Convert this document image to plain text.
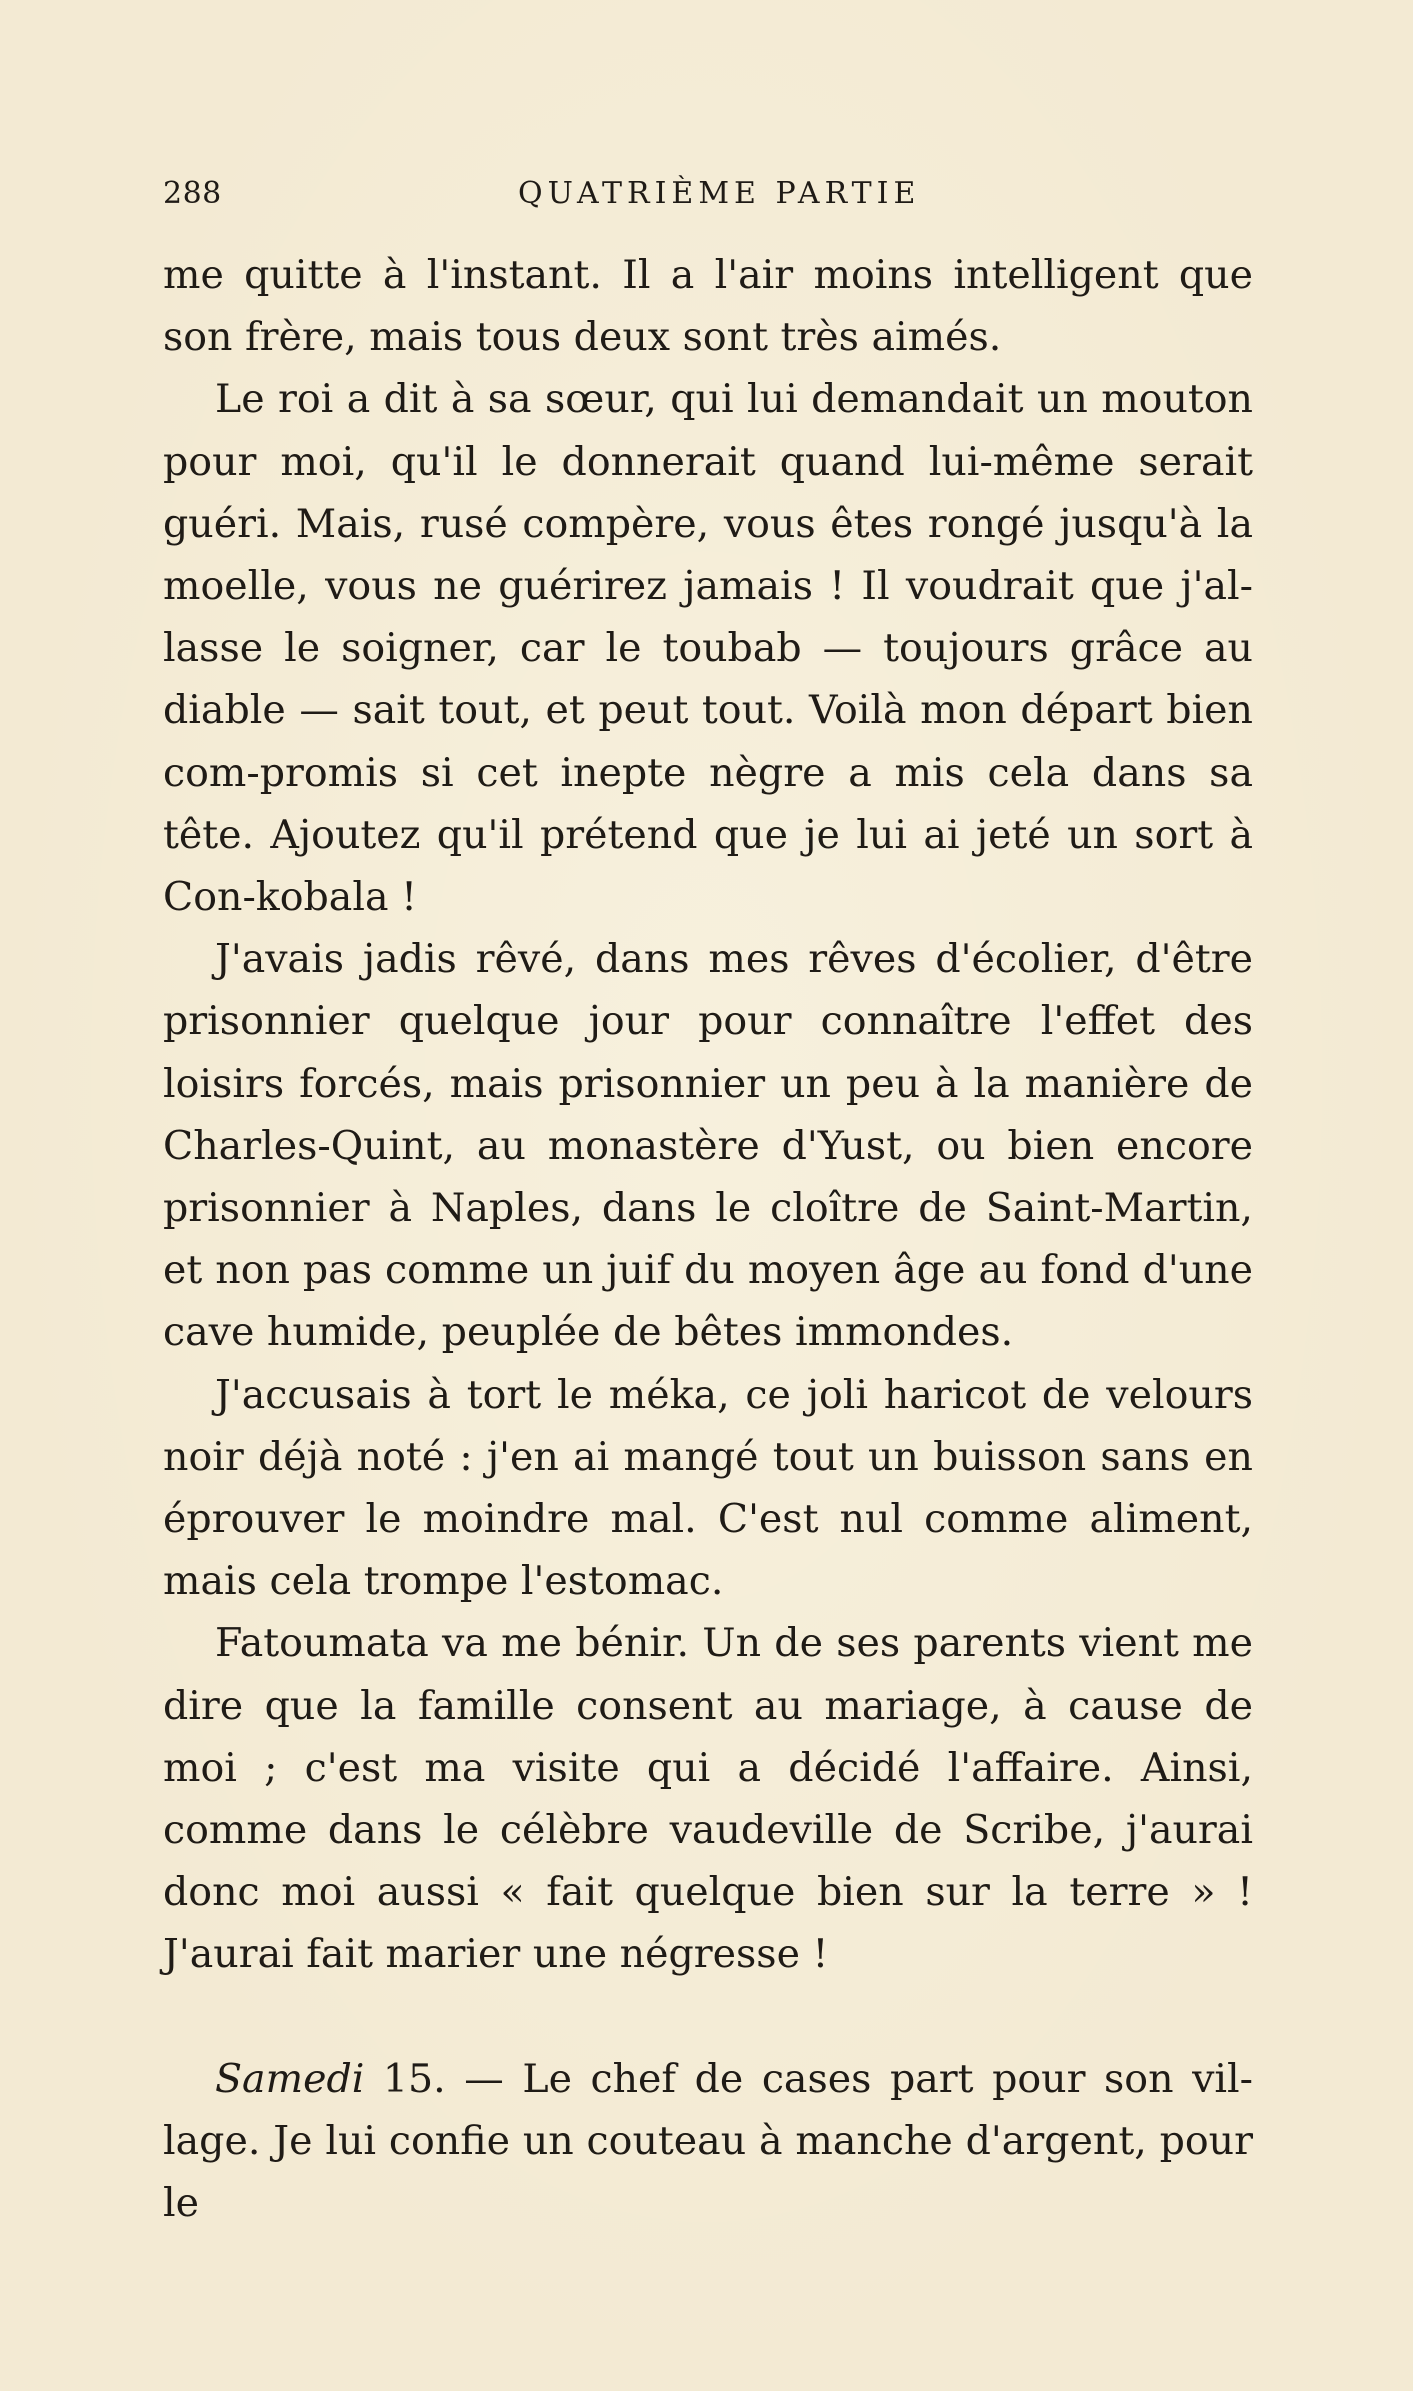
288	QUATRIÈME PARTIE

me quitte à l'instant. Il a l'air moins intelligent que son frère, mais tous deux sont très aimés.

Le roi a dit à sa sœur, qui lui demandait un mouton pour moi, qu'il le donnerait quand lui-même serait guéri. Mais, rusé compère, vous êtes rongé jusqu'à la moelle, vous ne guérirez jamais ! Il voudrait que j'al-lasse le soigner, car le toubab — toujours grâce au diable — sait tout, et peut tout. Voilà mon départ bien com-promis si cet inepte nègre a mis cela dans sa tête. Ajoutez qu'il prétend que je lui ai jeté un sort à Con-kobala !

J'avais jadis rêvé, dans mes rêves d'écolier, d'être prisonnier quelque jour pour connaître l'effet des loisirs forcés, mais prisonnier un peu à la manière de Charles-Quint, au monastère d'Yust, ou bien encore prisonnier à Naples, dans le cloître de Saint-Martin, et non pas comme un juif du moyen âge au fond d'une cave humide, peuplée de bêtes immondes.

J'accusais à tort le méka, ce joli haricot de velours noir déjà noté : j'en ai mangé tout un buisson sans en éprouver le moindre mal. C'est nul comme aliment, mais cela trompe l'estomac.

Fatoumata va me bénir. Un de ses parents vient me dire que la famille consent au mariage, à cause de moi ; c'est ma visite qui a décidé l'affaire. Ainsi, comme dans le célèbre vaudeville de Scribe, j'aurai donc moi aussi « fait quelque bien sur la terre » ! J'aurai fait marier une négresse !

Samedi 15. — Le chef de cases part pour son vil-lage. Je lui confie un couteau à manche d'argent, pour le
